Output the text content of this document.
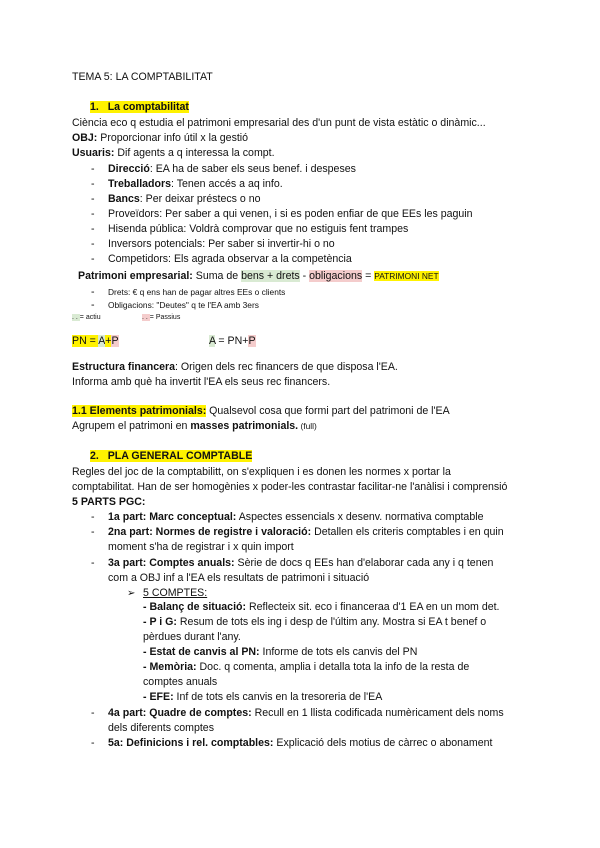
TEMA 5: LA COMPTABILITAT
1. La comptabilitat
Ciència eco q estudia el patrimoni empresarial des d'un punt de vista estàtic o dinàmic...
OBJ: Proporcionar info útil x la gestió
Usuaris: Dif agents a q interessa la compt.
- Direcció: EA ha de saber els seus benef. i despeses
- Treballadors: Tenen accés a aq info.
- Bancs: Per deixar préstecs o no
- Proveïdors: Per saber a qui venen, i si es poden enfiar de que EEs les paguin
- Hisenda pública: Voldrà comprovar que no estiguis fent trampes
- Inversors potencials: Per saber si invertir-hi o no
- Competidors: Els agrada observar a la competència
Patrimoni empresarial: Suma de bens + drets - obligacions = PATRIMONI NET
- Drets: € q ens han de pagar altres EEs o clients
- Obligacions: "Deutes" q te l'EA amb 3ers
. . = actiu	. . = Passius
PN = A+P	A = PN+P
Estructura financera: Origen dels rec financers de que disposa l'EA.
Informa amb què ha invertit l'EA els seus rec financers.
1.1 Elements patrimonials: Qualsevol cosa que formi part del patrimoni de l'EA
Agrupem el patrimoni en masses patrimonials. (full)
2. PLA GENERAL COMPTABLE
Regles del joc de la comptabilitt, on s'expliquen i es donen les normes x portar la
comptabilitat. Han de ser homogènies x poder-les contrastar facilitar-ne l'anàlisi i comprensió
5 PARTS PGC:
- 1a part: Marc conceptual: Aspectes essencials x desenv. normativa comptable
- 2na part: Normes de registre i valoració: Detallen els criteris comptables i en quin
moment s'ha de registrar i x quin import
- 3a part: Comptes anuals: Sèrie de docs q EEs han d'elaborar cada any i q tenen
com a OBJ inf a l'EA els resultats de patrimoni i situació
➢ 5 COMPTES:
- Balanç de situació: Reflecteix sit. eco i financeraa d'1 EA en un mom det.
- P i G: Resum de tots els ing i desp de l'últim any. Mostra si EA t benef o
pèrdues durant l'any.
- Estat de canvis al PN: Informe de tots els canvis del PN
- Memòria: Doc. q comenta, amplia i detalla tota la info de la resta de
comptes anuals
- EFE: Inf de tots els canvis en la tresoreria de l'EA
- 4a part: Quadre de comptes: Recull en 1 llista codificada numèricament dels noms
dels diferents comptes
- 5a: Definicions i rel. comptables: Explicació dels motius de càrrec o abonament
